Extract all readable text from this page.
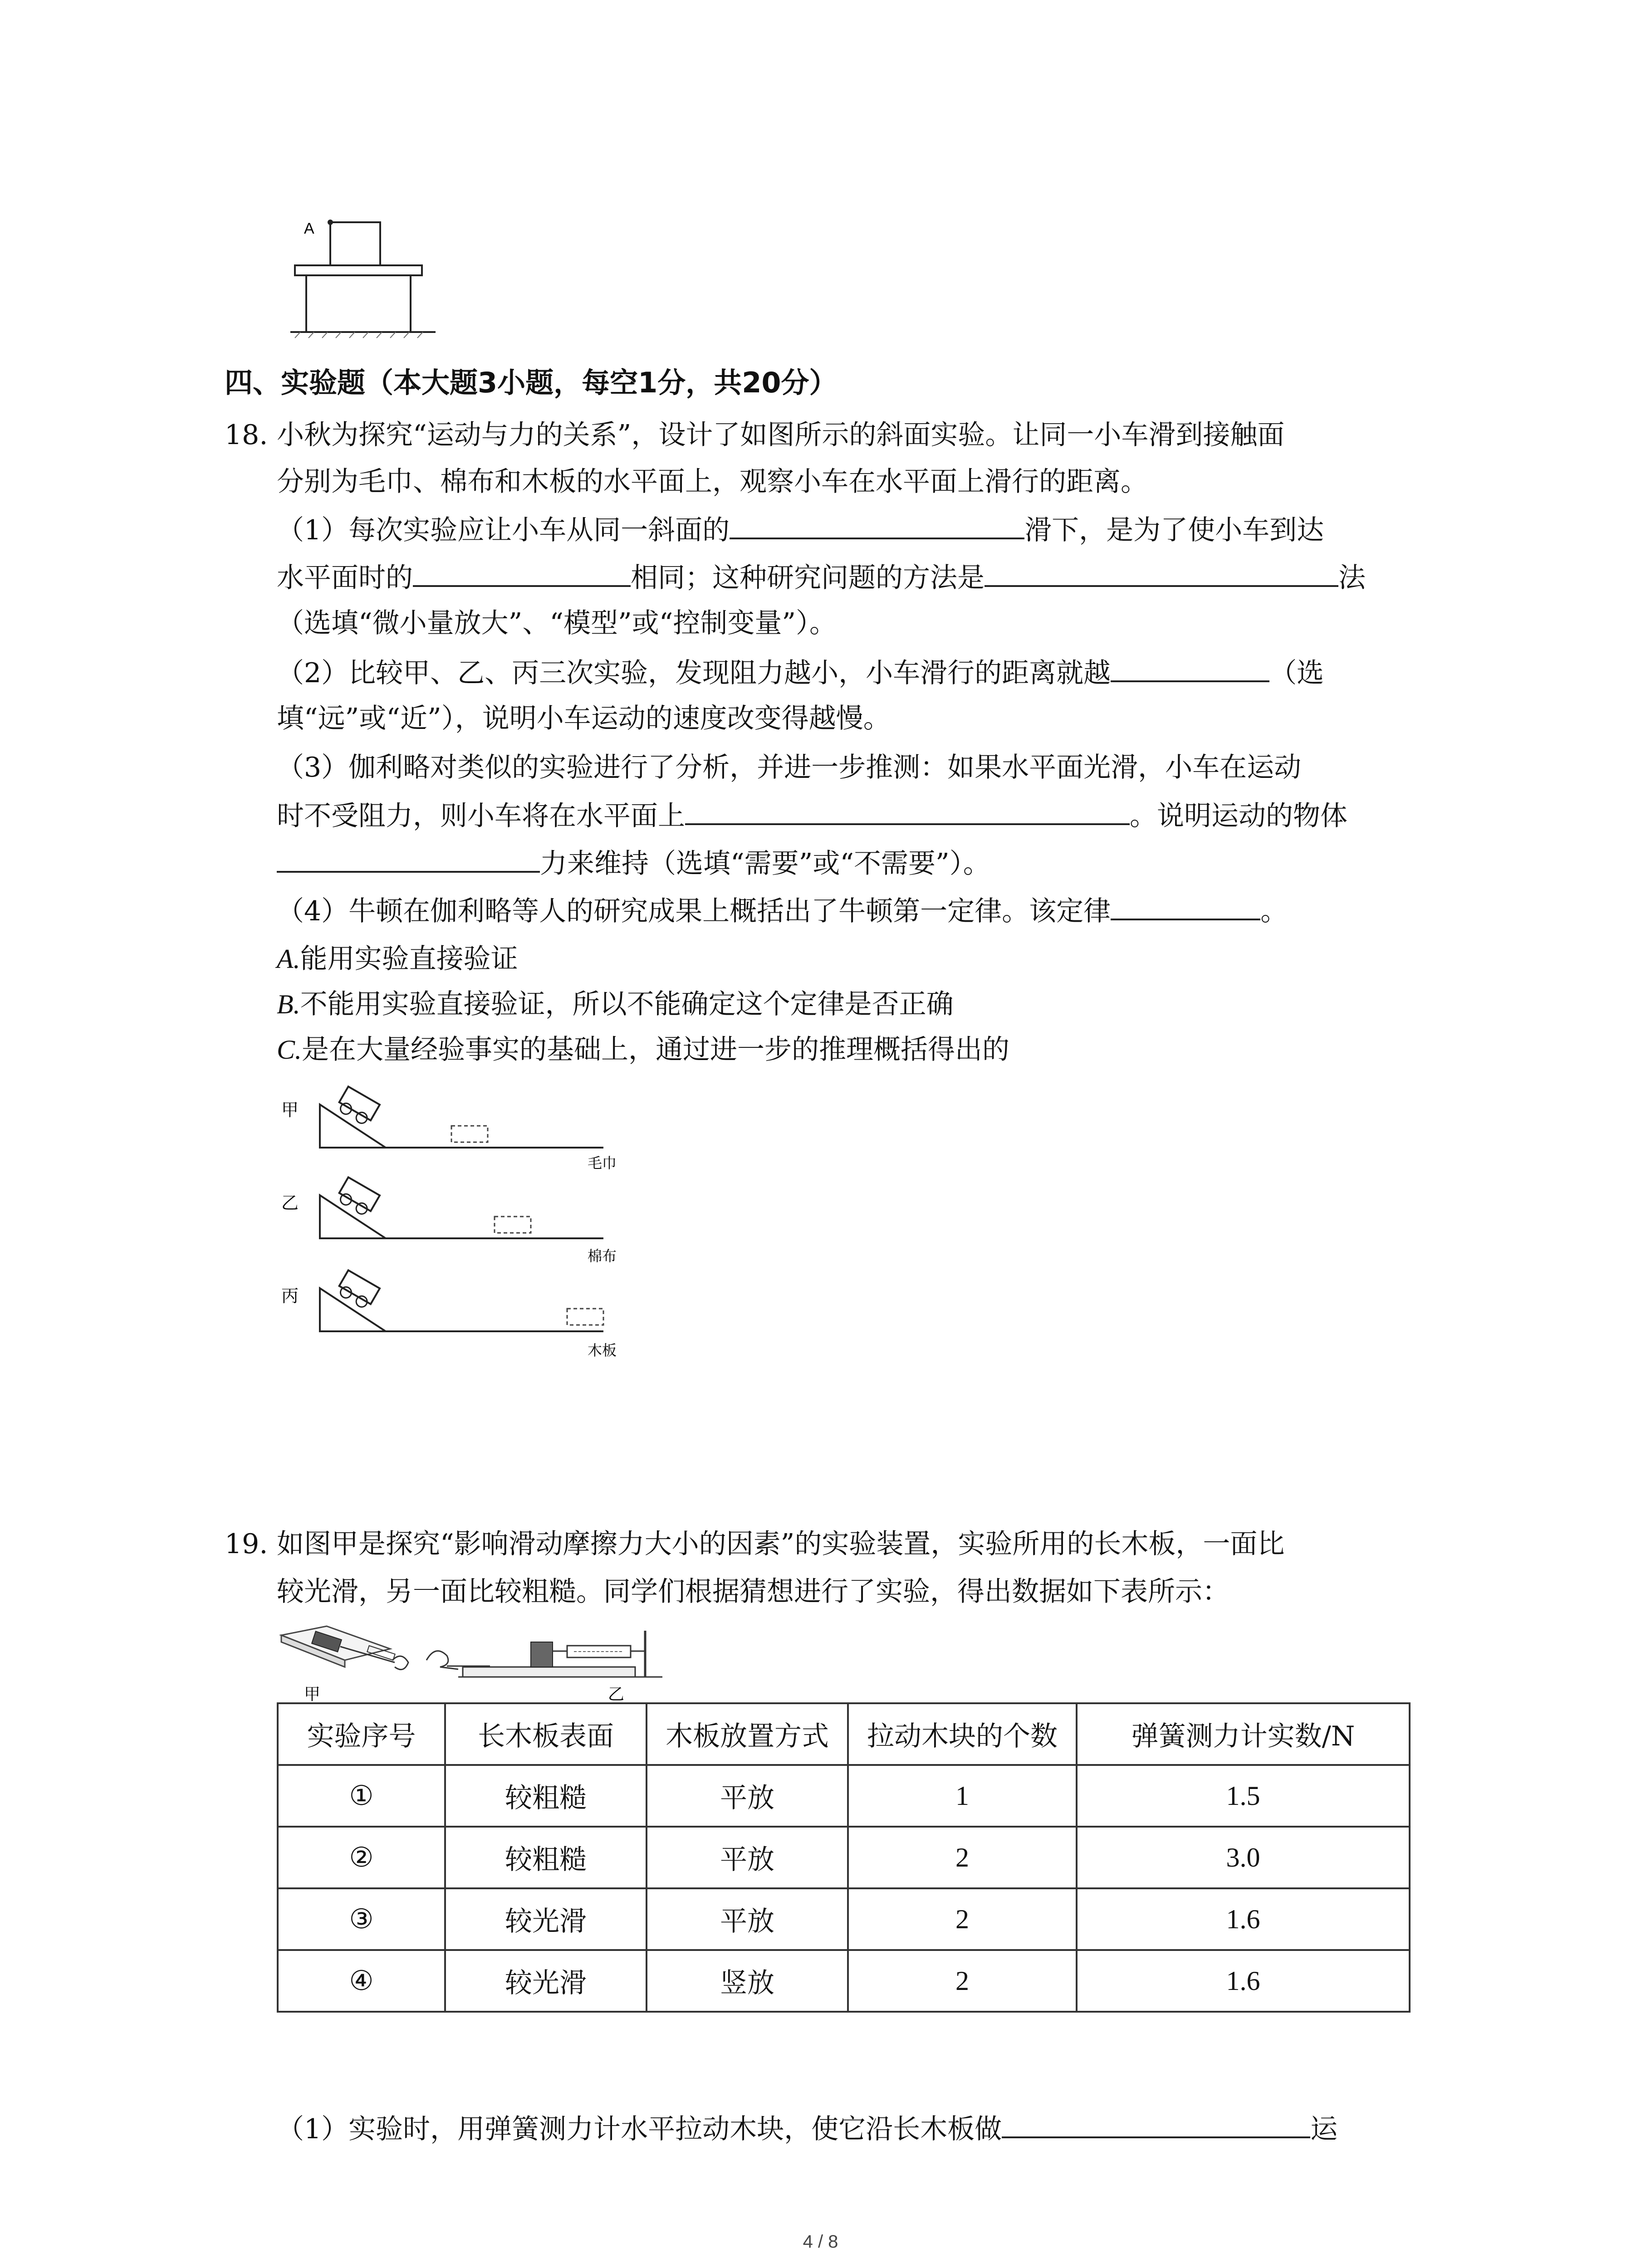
A
四、实验题（本大题3小题，每空1分，共20分）
18. 小秋为探究“运动与力的关系”，设计了如图所示的斜面实验。让同一小车滑到接触面
分别为毛巾、棉布和木板的水平面上，观察小车在水平面上滑行的距离。
（1）每次实验应让小车从同一斜面的	滑下，是为了使小车到达
水平面时的	相同；这种研究问题的方法是	法
（选填“微小量放大”、“模型”或“控制变量”）。
（2）比较甲、乙、丙三次实验，发现阻力越小，小车滑行的距离就越	（选
填“远”或“近”），说明小车运动的速度改变得越慢。
（3）伽利略对类似的实验进行了分析，并进一步推测：如果水平面光滑，小车在运动
时不受阻力，则小车将在水平面上	。说明运动的物体
力来维持（选填“需要”或“不需要”）。
（4）牛顿在伽利略等人的研究成果上概括出了牛顿第一定律。该定律	。
A.能用实验直接验证
B.不能用实验直接验证，所以不能确定这个定律是否正确
C.是在大量经验事实的基础上，通过进一步的推理概括得出的
甲
毛巾
乙
棉布
丙
木板
19. 如图甲是探究“影响滑动摩擦力大小的因素”的实验装置，实验所用的长木板，一面比
较光滑，另一面比较粗糙。同学们根据猜想进行了实验，得出数据如下表所示：
甲	乙
实验序号	长木板表面	木板放置方式	拉动木块的个数	弹簧测力计实数/N
①	较粗糙	平放	1	1.5
②	较粗糙	平放	2	3.0
③	较光滑	平放	2	1.6
④	较光滑	竖放	2	1.6
（1）实验时，用弹簧测力计水平拉动木块，使它沿长木板做	运
4 / 8
